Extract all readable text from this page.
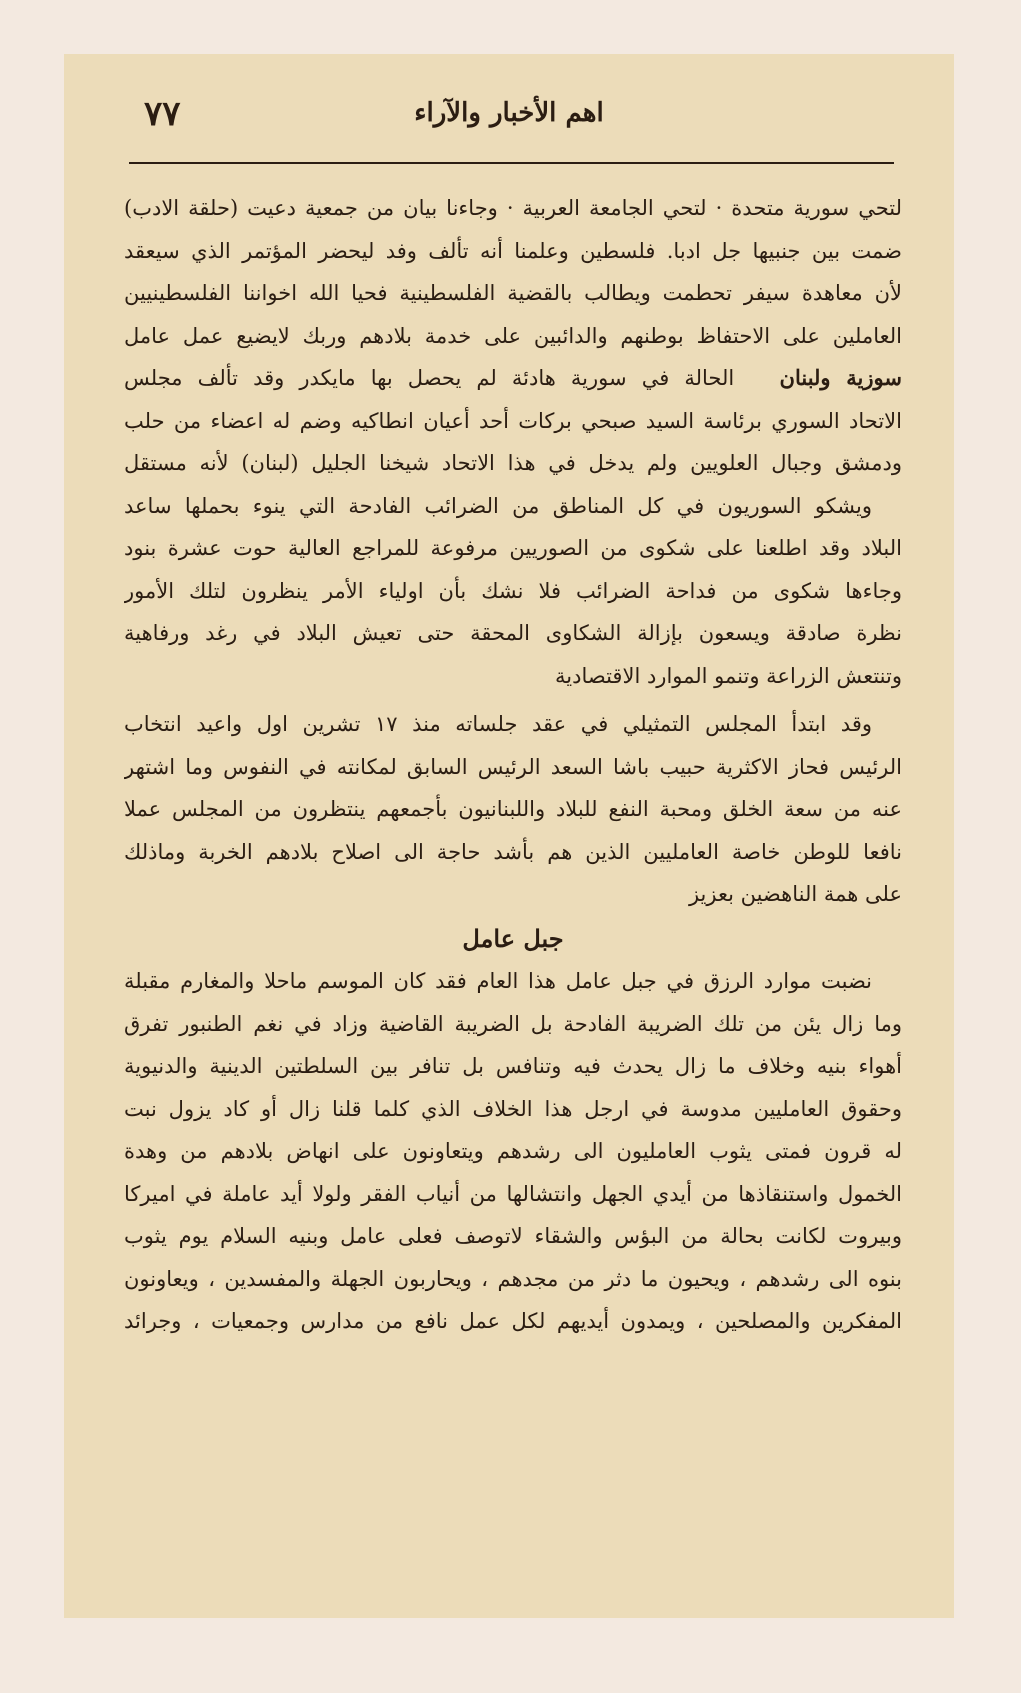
٧٧	اهم الأخبار والآراء
لتحي سورية متحدة · لتحي الجامعة العربية · وجاءنا بيان من جمعية دعيت (حلقة الادب)
ضمت بين جنبيها جل ادبا. فلسطين وعلمنا أنه تألف وفد ليحضر المؤتمر الذي سيعقد
لأن معاهدة سيفر تحطمت ويطالب بالقضية الفلسطينية فحيا الله اخواننا الفلسطينيين
العاملين على الاحتفاظ بوطنهم والدائبين على خدمة بلادهم وربك لايضيع عمل عامل
سوزية ولبنان   الحالة في سورية هادئة لم يحصل بها مايكدر وقد تألف مجلس
الاتحاد السوري برئاسة السيد صبحي بركات أحد أعيان انطاكيه وضم له اعضاء من حلب
ودمشق وجبال العلويين ولم يدخل في هذا الاتحاد شيخنا الجليل (لبنان) لأنه مستقل
ويشكو السوريون في كل المناطق من الضرائب الفادحة التي ينوء بحملها ساعد
البلاد وقد اطلعنا على شكوى من الصوريين مرفوعة للمراجع العالية حوت عشرة بنود
وجاءها شكوى من فداحة الضرائب فلا نشك بأن اولياء الأمر ينظرون لتلك الأمور
نظرة صادقة ويسعون بإزالة الشكاوى المحقة حتى تعيش البلاد في رغد ورفاهية
وتنتعش الزراعة وتنمو الموارد الاقتصادية
وقد ابتدأ المجلس التمثيلي في عقد جلساته منذ ١٧ تشرين اول واعيد انتخاب
الرئيس فحاز الاكثرية حبيب باشا السعد الرئيس السابق لمكانته في النفوس وما اشتهر
عنه من سعة الخلق ومحبة النفع للبلاد واللبنانيون بأجمعهم ينتظرون من المجلس عملا
نافعا للوطن خاصة العامليين الذين هم بأشد حاجة الى اصلاح بلادهم الخربة وماذلك
على همة الناهضين بعزيز
جبل عامل
نضبت موارد الرزق في جبل عامل هذا العام فقد كان الموسم ماحلا والمغارم مقبلة
وما زال يئن من تلك الضريبة الفادحة بل الضريبة القاضية وزاد في نغم الطنبور تفرق
أهواء بنيه وخلاف ما زال يحدث فيه وتنافس بل تنافر بين السلطتين الدينية والدنيوية
وحقوق العامليين مدوسة في ارجل هذا الخلاف الذي كلما قلنا زال أو كاد يزول نبت
له قرون فمتى يثوب العامليون الى رشدهم ويتعاونون على انهاض بلادهم من وهدة
الخمول واستنقاذها من أيدي الجهل وانتشالها من أنياب الفقر ولولا أيد عاملة في اميركا
وبيروت لكانت بحالة من البؤس والشقاء لاتوصف فعلى عامل وبنيه السلام يوم يثوب
بنوه الى رشدهم ، ويحيون ما دثر من مجدهم ، ويحاربون الجهلة والمفسدين ، ويعاونون
المفكرين والمصلحين ، ويمدون أيديهم لكل عمل نافع من مدارس وجمعيات ، وجرائد
